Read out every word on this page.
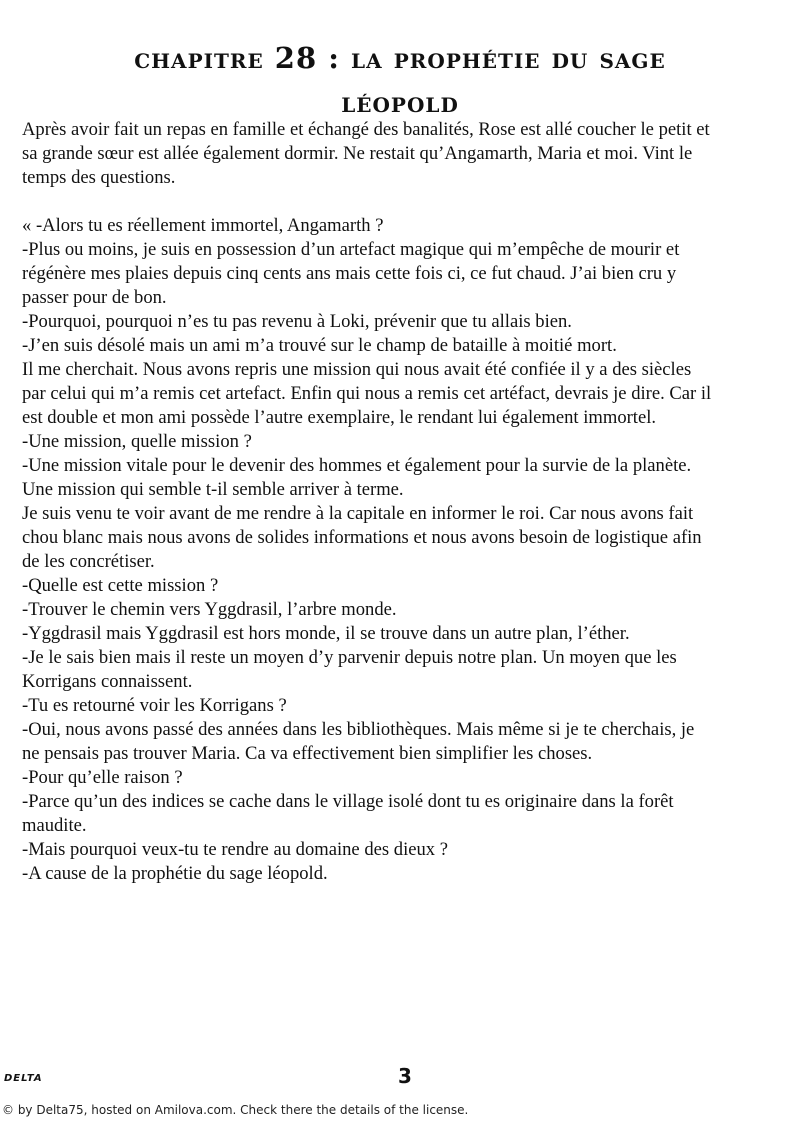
chapitre 28 : la prophétie du sage
léopold
Après avoir fait un repas en famille et échangé des banalités, Rose est allé coucher le petit et
sa grande sœur est allée également dormir. Ne restait qu’Angamarth, Maria et moi. Vint le
temps des questions.
« -Alors tu es réellement immortel, Angamarth ?
-Plus ou moins, je suis en possession d’un artefact magique qui m’empêche de mourir et
régénère mes plaies depuis cinq cents ans mais cette fois ci, ce fut chaud. J’ai bien cru y
passer pour de bon.
-Pourquoi, pourquoi n’es tu pas revenu à Loki, prévenir que tu allais bien.
-J’en suis désolé mais un ami m’a trouvé sur le champ de bataille à moitié mort.
Il me cherchait. Nous avons repris une mission qui nous avait été confiée il y a des siècles
par celui qui m’a remis cet artefact. Enfin qui nous a remis cet artéfact, devrais je dire. Car il
est double et mon ami possède l’autre exemplaire, le rendant lui également immortel.
-Une mission, quelle mission ?
-Une mission vitale pour le devenir des hommes et également pour la survie de la planète.
Une mission qui semble t-il semble arriver à terme.
Je suis venu te voir avant de me rendre à la capitale en informer le roi. Car nous avons fait
chou blanc mais nous avons de solides informations et nous avons besoin de logistique afin
de les concrétiser.
-Quelle est cette mission ?
-Trouver le chemin vers Yggdrasil, l’arbre monde.
-Yggdrasil mais Yggdrasil est hors monde, il se trouve dans un autre plan, l’éther.
-Je le sais bien mais il reste un moyen d’y parvenir depuis notre plan. Un moyen que les
Korrigans connaissent.
-Tu es retourné voir les Korrigans ?
-Oui, nous avons passé des années dans les bibliothèques. Mais même si je te cherchais, je
ne pensais pas trouver Maria. Ca va effectivement bien simplifier les choses.
-Pour qu’elle raison ?
-Parce qu’un des indices se cache dans le village isolé dont tu es originaire dans la forêt
maudite.
-Mais pourquoi veux-tu te rendre au domaine des dieux ?
-A cause de la prophétie du sage léopold.
DELTA	3
© by Delta75, hosted on Amilova.com. Check there the details of the license.
